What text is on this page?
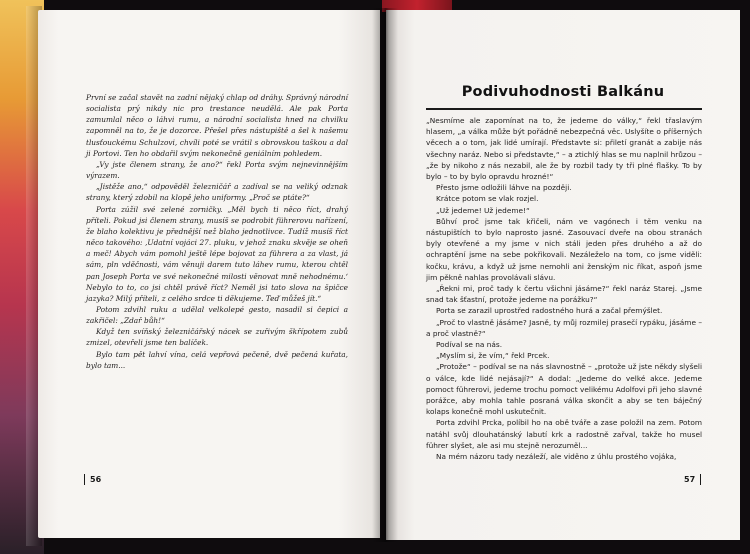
První se začal stavět na zadní nějaký chlap od dráhy. Správný národní socialista prý nikdy nic pro trestance neudělá. Ale pak Porta zamumlal něco o láhvi rumu, a národní socialista hned na chvilku zapomněl na to, že je dozorce. Přešel přes nástupiště a šel k našemu tlusťouckému Schulzovi, chvíli poté se vrátil s obrovskou taškou a dal ji Portovi. Ten ho obdařil svým nekonečně geniálním pohledem.

„Vy jste členem strany, že ano?“ řekl Porta svým nejnevinnějším výrazem.

„Jistěže ano,“ odpověděl železničář a zadíval se na veliký odznak strany, který zdobil na klopě jeho uniformy. „Proč se ptáte?“

Porta zúžil své zelené zorničky. „Měl bych ti něco říct, drahý příteli. Pokud jsi členem strany, musíš se podrobit führerovu nařízení, že blaho kolektivu je přednější než blaho jednotlivce. Tudíž musíš říct něco takového: ‚Udatní vojáci 27. pluku, v jehož znaku skvěje se oheň a meč! Abych vám pomohl ještě lépe bojovat za führera a za vlast, já sám, pln vděčnosti, vám věnuji darem tuto láhev rumu, kterou chtěl pan Joseph Porta ve své nekonečné milosti věnovat mně nehodnému.‘ Nebylo to to, co jsi chtěl právě říct? Neměl jsi tato slova na špičce jazyka? Milý příteli, z celého srdce ti děkujeme. Teď můžeš jít.“

Potom zdvihl ruku a udělal velkolepé gesto, nasadil si čepici a zakřičel: „Zdař bůh!“

Když ten svíňský železničářský nácek se zuřivým škřípotem zubů zmizel, otevřeli jsme ten balíček.

Bylo tam pět lahví vína, celá vepřová pečeně, dvě pečená kuřata, bylo tam...

Podivuhodnosti Balkánu

„Nesmíme ale zapomínat na to, že jedeme do války,“ řekl třaslavým hlasem, „a válka může být pořádně nebezpečná věc. Uslyšíte o příšerných věcech a o tom, jak lidé umírají. Představte si: přiletí granát a zabije nás všechny naráz. Nebo si představte,“ – a ztichlý hlas se mu naplnil hrůzou – „že by nikoho z nás nezabil, ale že by rozbil tady ty tři plné flašky. To by bylo – to by bylo opravdu hrozné!“

Přesto jsme odložili láhve na později.

Krátce potom se vlak rozjel.

„Už jedeme! Už jedeme!“

Bůhví proč jsme tak křičeli, nám ve vagónech i těm venku na nástupištích to bylo naprosto jasné. Zasouvací dveře na obou stranách byly otevřené a my jsme v nich stáli jeden přes druhého a až do ochraptění jsme na sebe pokřikovali. Nezáleželo na tom, co jsme viděli: kočku, krávu, a když už jsme nemohli ani ženským nic říkat, aspoň jsme jim pěkně nahlas provolávali slávu.

„Řekni mi, proč tady k čertu všichni jásáme?“ řekl naráz Starej. „Jsme snad tak šťastní, protože jedeme na porážku?“

Porta se zarazil uprostřed radostného hurá a začal přemýšlet.

„Proč to vlastně jásáme? Jasně, ty můj rozmilej prasečí rypáku, jásáme – a proč vlastně?“

Podíval se na nás.

„Myslím si, že vím,“ řekl Prcek.

„Protože“ – podíval se na nás slavnostně – „protože už jste někdy slyšeli o válce, kde lidé nejásají?“ A dodal: „Jedeme do velké akce. Jedeme pomoct führerovi, jedeme trochu pomoct velikému Adolfovi při jeho slavné porážce, aby mohla tahle posraná válka skončit a aby se ten báječný kolaps konečně mohl uskutečnit.

Porta zdvihl Prcka, políbil ho na obě tváře a zase položil na zem. Potom natáhl svůj dlouhatánský labutí krk a radostně zařval, takže ho musel führer slyšet, ale asi mu stejně nerozuměl...

Na mém názoru tady nezáleží, ale viděno z úhlu prostého vojáka,

56	57
